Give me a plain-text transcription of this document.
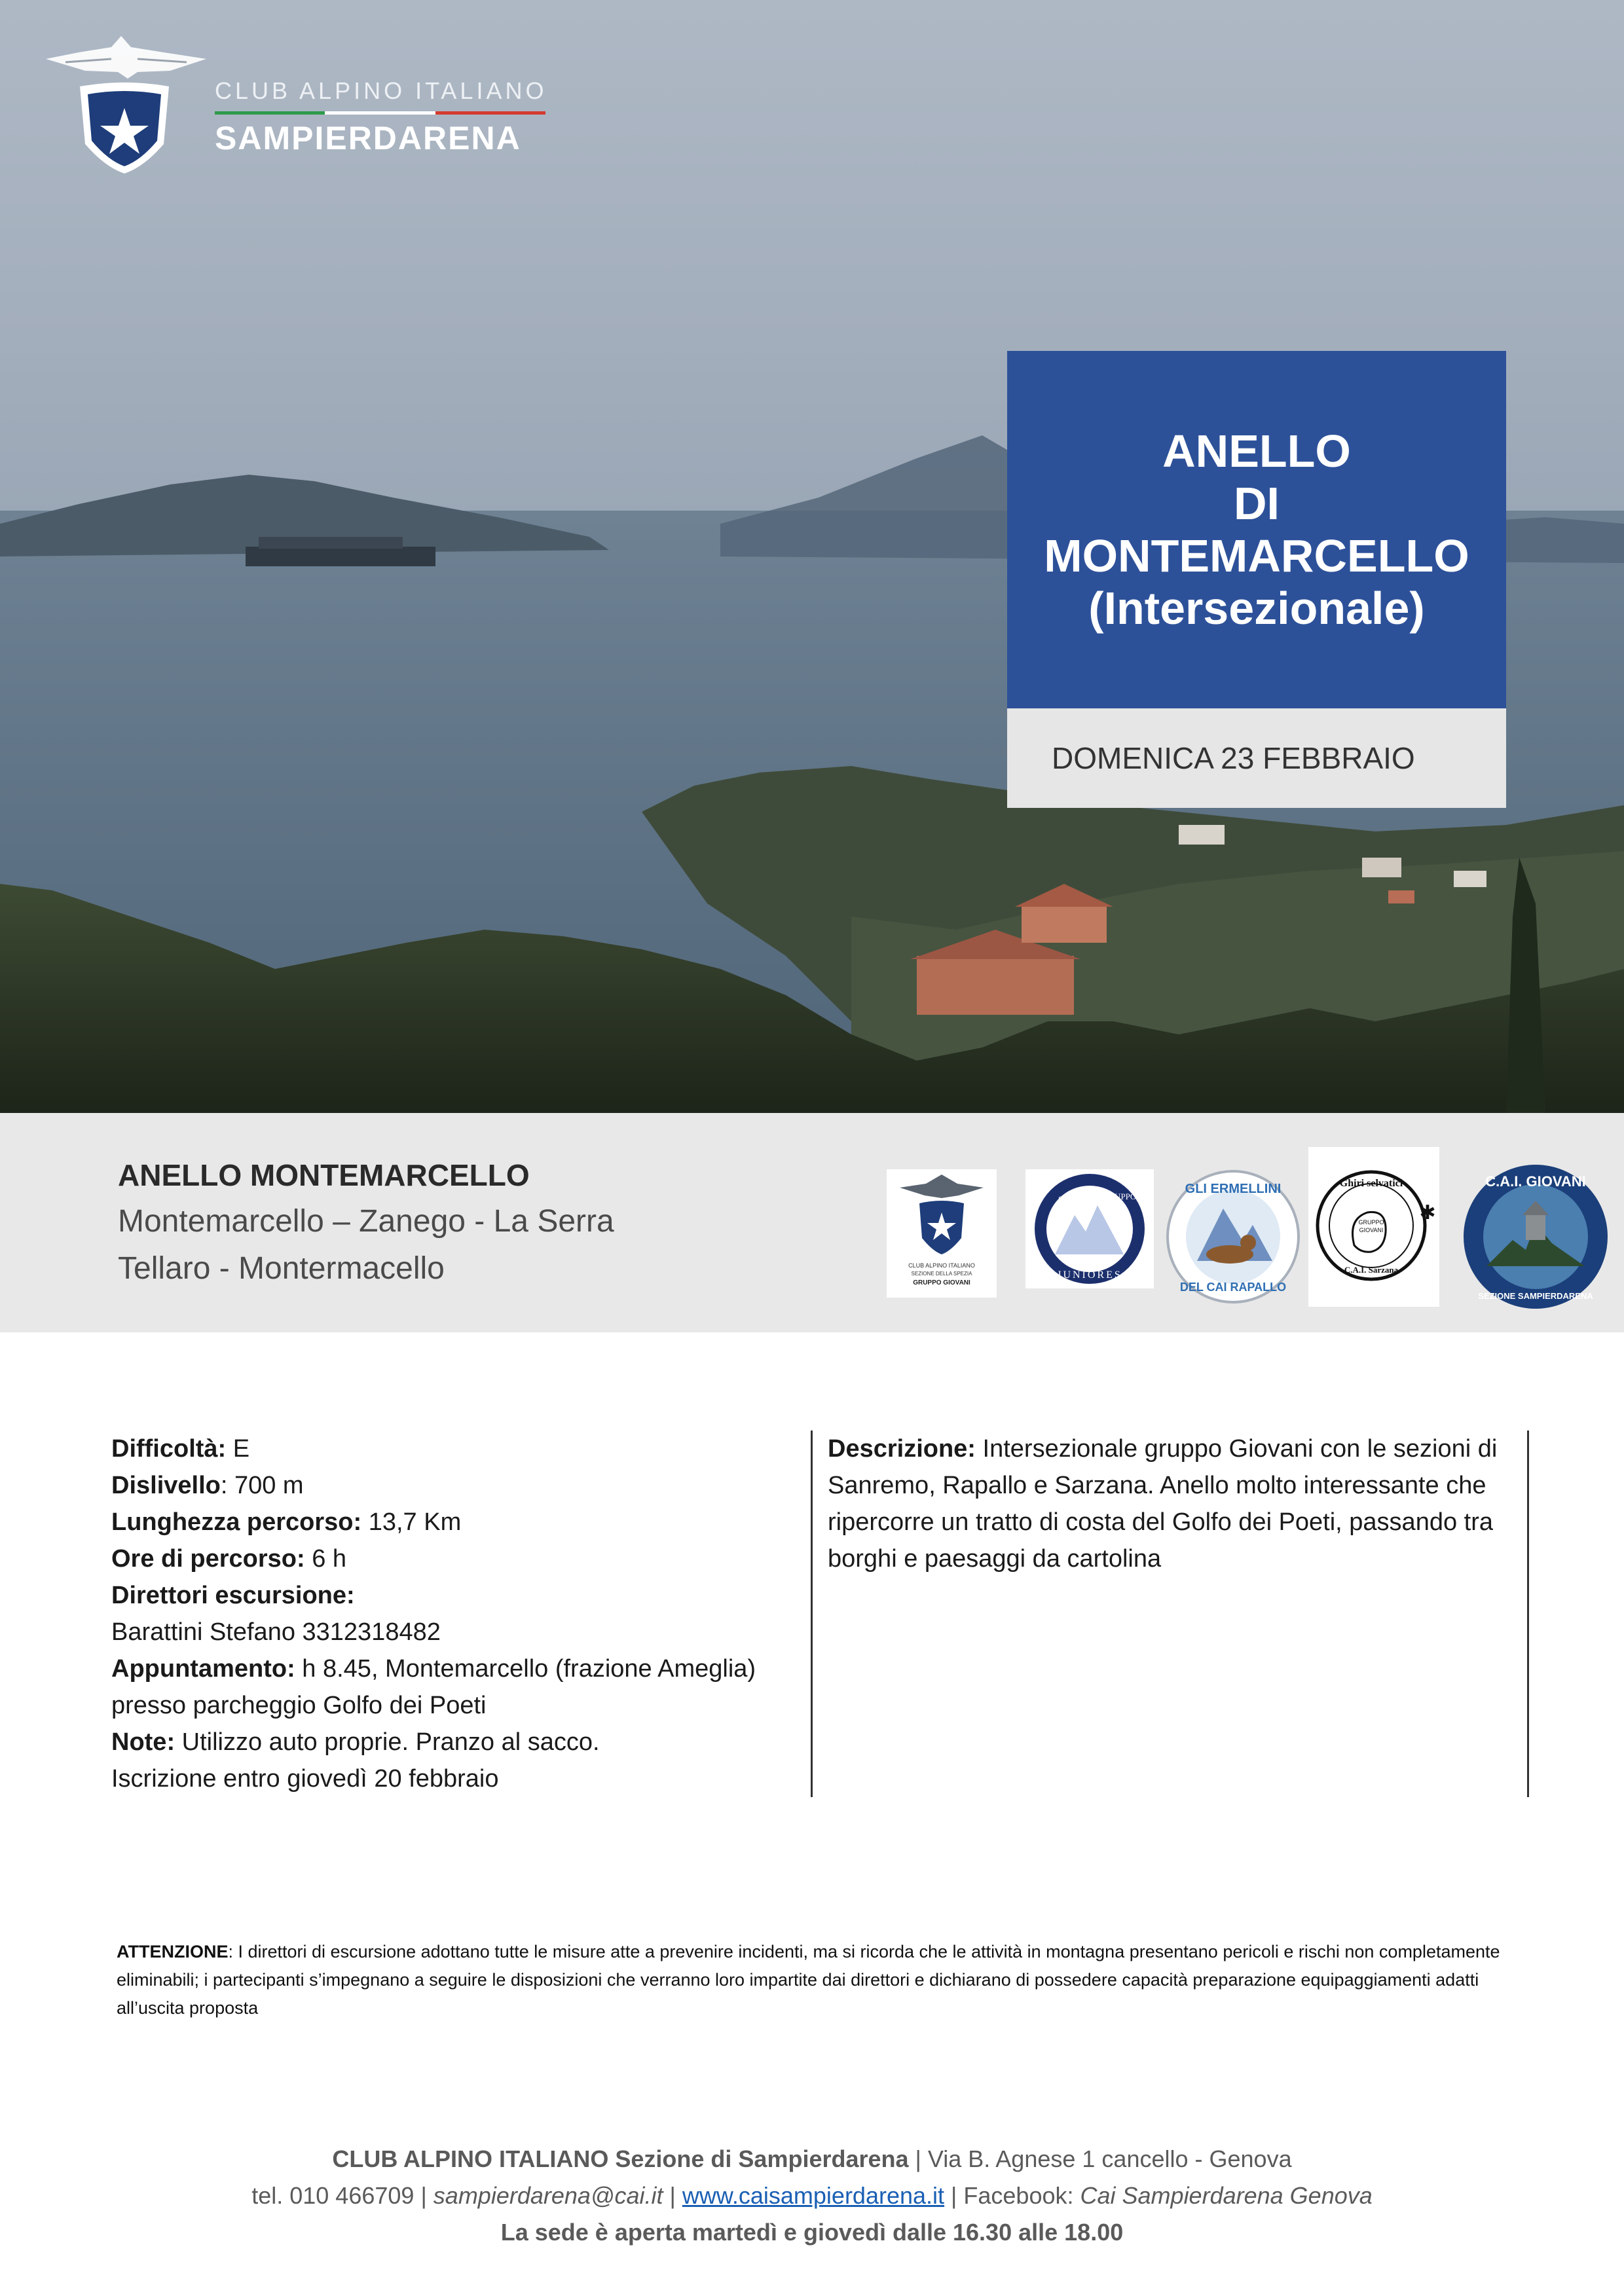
CLUB ALPINO ITALIANO
SAMPIERDARENA
ANELLO
DI
MONTEMARCELLO
(Intersezionale)
DOMENICA 23 FEBBRAIO
ANELLO MONTEMARCELLO
Montemarcello – Zanego - La Serra
Tellaro - Montermacello	CLUB ALPINO ITALIANO
SEZIONE DELLA SPEZIA
GRUPPO GIOVANI
SANREMO GRUPPO
JUNIORES
GLI ERMELLINI
DEL CAI RAPALLO
Ghiri selvatici
GRUPPO
GIOVANI
C.A.I. Sarzana
✱
C.A.I. GIOVANI
SEZIONE SAMPIERDARENA

Difficoltà: E

Dislivello: 700 m

Lunghezza percorso: 13,7 Km

Ore di percorso: 6 h

Direttori escursione:

Barattini Stefano 3312318482

Appuntamento: h 8.45, Montemarcello (frazione Ameglia) presso parcheggio Golfo dei Poeti

Note: Utilizzo auto proprie. Pranzo al sacco.

Iscrizione entro giovedì 20 febbraio

Descrizione: Intersezionale gruppo Giovani con le sezioni di Sanremo, Rapallo e Sarzana. Anello molto interessante che ripercorre un tratto di costa del Golfo dei Poeti, passando tra borghi e paesaggi da cartolina

ATTENZIONE: I direttori di escursione adottano tutte le misure atte a prevenire incidenti, ma si ricorda che le attività in montagna presentano pericoli e rischi non completamente eliminabili; i partecipanti s’impegnano a seguire le disposizioni che verranno loro impartite dai direttori e dichiarano di possedere capacità preparazione equipaggiamenti adatti all’uscita proposta
CLUB ALPINO ITALIANO Sezione di Sampierdarena | Via B. Agnese 1 cancello - Genova
tel. 010 466709 | sampierdarena@cai.it | www.caisampierdarena.it | Facebook: Cai Sampierdarena Genova
La sede è aperta martedì e giovedì dalle 16.30 alle 18.00
